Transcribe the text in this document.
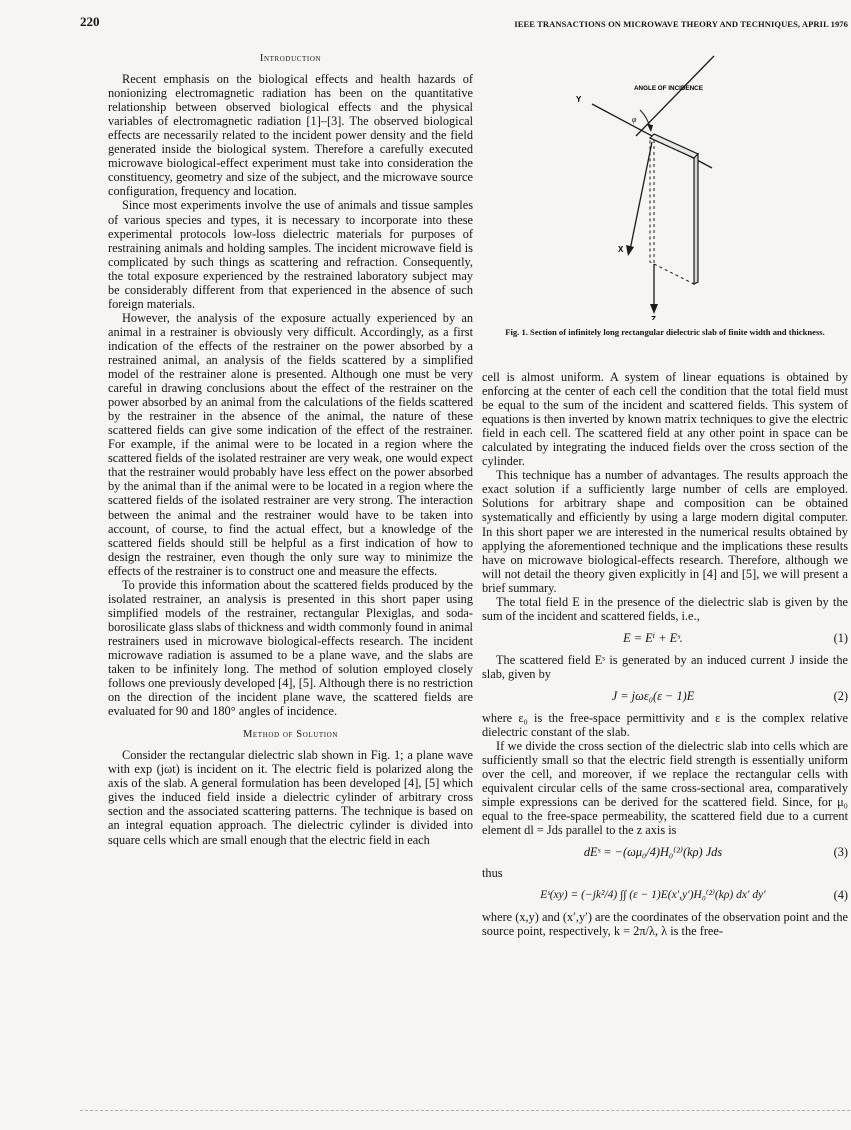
220	IEEE TRANSACTIONS ON MICROWAVE THEORY AND TECHNIQUES, APRIL 1976
Introduction

Recent emphasis on the biological effects and health hazards of nonionizing electromagnetic radiation has been on the quantitative relationship between observed biological effects and the physical variables of electromagnetic radiation [1]–[3]. The observed biological effects are necessarily related to the incident power density and the field generated inside the biological system. Therefore a carefully executed microwave biological-effect experiment must take into consideration the constituency, geometry and size of the subject, and the microwave source configuration, frequency and location.

Since most experiments involve the use of animals and tissue samples of various species and types, it is necessary to incorporate into these experimental protocols low-loss dielectric materials for purposes of restraining animals and holding samples. The incident microwave field is complicated by such things as scattering and refraction. Consequently, the total exposure experienced by the restrained laboratory subject may be considerably different from that experienced in the absence of such foreign materials.

However, the analysis of the exposure actually experienced by an animal in a restrainer is obviously very difficult. Accordingly, as a first indication of the effects of the restrainer on the power absorbed by a restrained animal, an analysis of the fields scattered by a simplified model of the restrainer alone is presented. Although one must be very careful in drawing conclusions about the effect of the restrainer on the power absorbed by an animal from the calculations of the fields scattered by the restrainer in the absence of the animal, the nature of these scattered fields can give some indication of the effect of the restrainer. For example, if the animal were to be located in a region where the scattered fields of the isolated restrainer are very weak, one would expect that the restrainer would probably have less effect on the power absorbed by the animal than if the animal were to be located in a region where the scattered fields of the isolated restrainer are very strong. The interaction between the animal and the restrainer would have to be taken into account, of course, to find the actual effect, but a knowledge of the scattered fields should still be helpful as a first indication of how to design the restrainer, even though the only sure way to minimize the effects of the restrainer is to construct one and measure the effects.

To provide this information about the scattered fields produced by the isolated restrainer, an analysis is presented in this short paper using simplified models of the restrainer, rectangular Plexiglas, and soda-borosilicate glass slabs of thickness and width commonly found in animal restrainers used in microwave biological-effects research. The incident microwave radiation is assumed to be a plane wave, and the slabs are taken to be infinitely long. The method of solution employed closely follows one previously developed [4], [5]. Although there is no restriction on the direction of the incident plane wave, the scattered fields are evaluated for 90 and 180° angles of incidence.

Method of Solution

Consider the rectangular dielectric slab shown in Fig. 1; a plane wave with exp (jωt) is incident on it. The electric field is polarized along the axis of the slab. A general formulation has been developed [4], [5] which gives the induced field inside a dielectric cylinder of arbitrary cross section and the associated scattering patterns. The technique is based on an integral equation approach. The dielectric cylinder is divided into square cells which are small enough that the electric field in each

ANGLE OF INCIDENCE
Y
X
Z
φ
Fig. 1. Section of infinitely long rectangular dielectric slab of finite width and thickness.

cell is almost uniform. A system of linear equations is obtained by enforcing at the center of each cell the condition that the total field must be equal to the sum of the incident and scattered fields. This system of equations is then inverted by known matrix techniques to give the electric field in each cell. The scattered field at any other point in space can be calculated by integrating the induced fields over the cross section of the cylinder.

This technique has a number of advantages. The results approach the exact solution if a sufficiently large number of cells are employed. Solutions for arbitrary shape and composition can be obtained systematically and efficiently by using a large modern digital computer. In this short paper we are interested in the numerical results obtained by applying the aforementioned technique and the implications these results have on microwave biological-effects research. Therefore, although we will not detail the theory given explicitly in [4] and [5], we will present a brief summary.

The total field E in the presence of the dielectric slab is given by the sum of the incident and scattered fields, i.e.,

E = Eⁱ + Eˢ.	(1)

The scattered field Eˢ is generated by an induced current J inside the slab, given by

J = jωε₀(ε − 1)E	(2)

where ε₀ is the free-space permittivity and ε is the complex relative dielectric constant of the slab.

If we divide the cross section of the dielectric slab into cells which are sufficiently small so that the electric field strength is essentially uniform over the cell, and moreover, if we replace the rectangular cells with equivalent circular cells of the same cross-sectional area, comparatively simple expressions can be derived for the scattered field. Since, for μ₀ equal to the free-space permeability, the scattered field due to a current element dl = Jds parallel to the z axis is

dEˢ = −(ωμ₀/4)H₀⁽²⁾(kρ) Jds	(3)
thus
Eˢ(xy) = (−jk²/4) ∫∫ (ε − 1)E(x′,y′)H₀⁽²⁾(kρ) dx′ dy′	(4)

where (x,y) and (x′,y′) are the coordinates of the observation point and the source point, respectively, k = 2π/λ, λ is the free-
